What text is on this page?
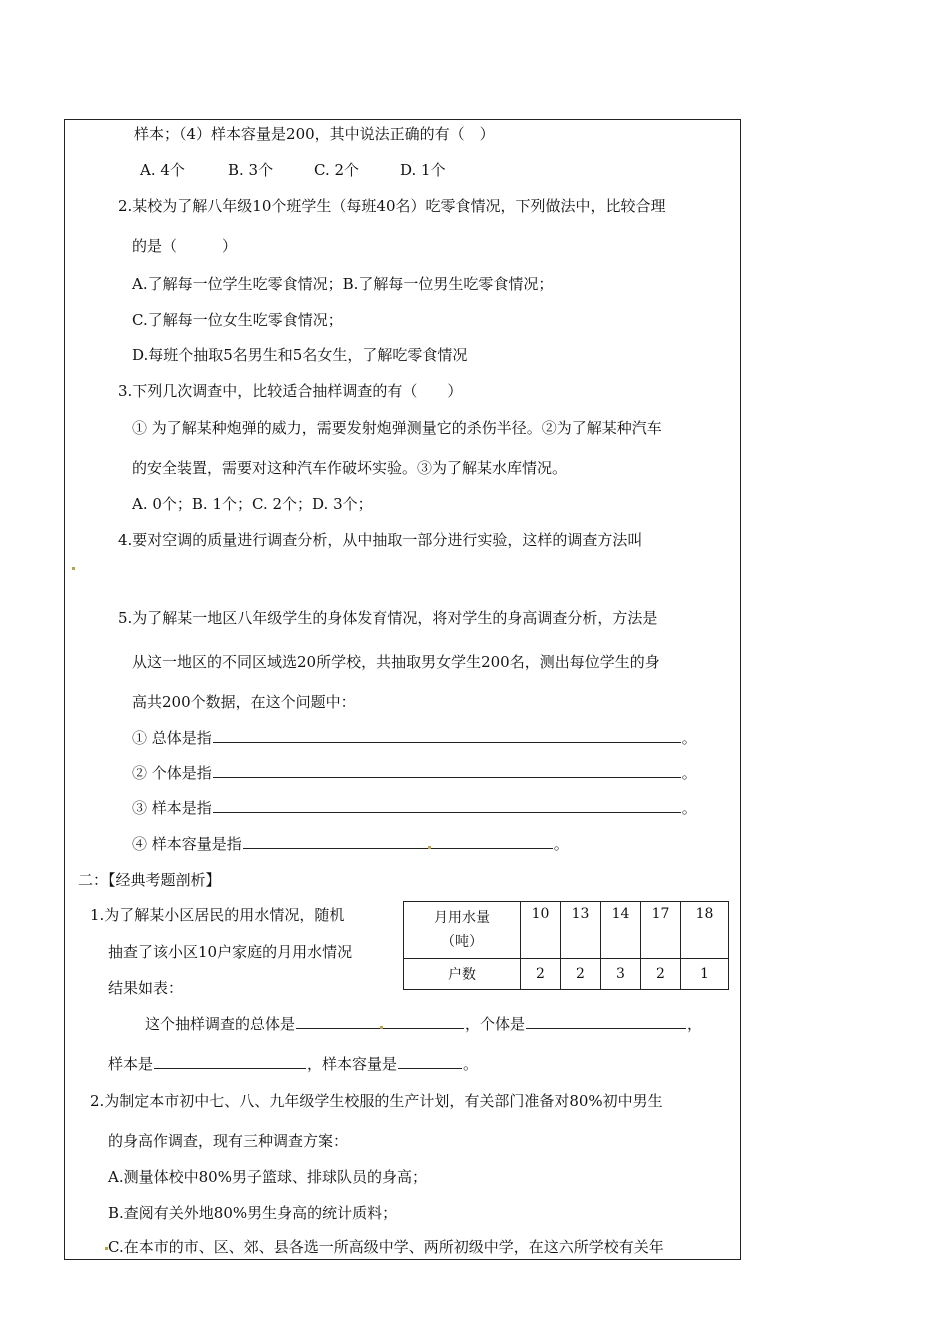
样本；（4）样本容量是200，其中说法正确的有（　）
A. 4个	B. 3个	C. 2个	D. 1个
2.某校为了解八年级10个班学生（每班40名）吃零食情况，下列做法中，比较合理
的是（　　　）
A.了解每一位学生吃零食情况；B.了解每一位男生吃零食情况；
C.了解每一位女生吃零食情况；
D.每班个抽取5名男生和5名女生，了解吃零食情况
3.下列几次调查中，比较适合抽样调查的有（　　）
① 为了解某种炮弹的威力，需要发射炮弹测量它的杀伤半径。②为了解某种汽车
的安全装置，需要对这种汽车作破坏实验。③为了解某水库情况。
A. 0个；B. 1个；C. 2个；D. 3个；
4.要对空调的质量进行调查分析，从中抽取一部分进行实验，这样的调查方法叫
5.为了解某一地区八年级学生的身体发育情况，将对学生的身高调查分析，方法是
从这一地区的不同区域选20所学校，共抽取男女学生200名，测出每位学生的身
高共200个数据，在这个问题中：
① 总体是指	。
② 个体是指	。
③ 样本是指	。
④ 样本容量是指	。
二：【经典考题剖析】
1.为了解某小区居民的用水情况，随机
抽查了该小区10户家庭的月用水情况
结果如表：
月用水量
（吨）	10	13	14	17	18
户数	2	2	3	2	1
这个抽样调查的总体是	，个体是	，
样本是	，样本容量是	。
2.为制定本市初中七、八、九年级学生校服的生产计划，有关部门准备对80%初中男生
的身高作调查，现有三种调查方案：
A.测量体校中80%男子篮球、排球队员的身高；
B.查阅有关外地80%男生身高的统计质料；
C.在本市的市、区、郊、县各选一所高级中学、两所初级中学，在这六所学校有关年
